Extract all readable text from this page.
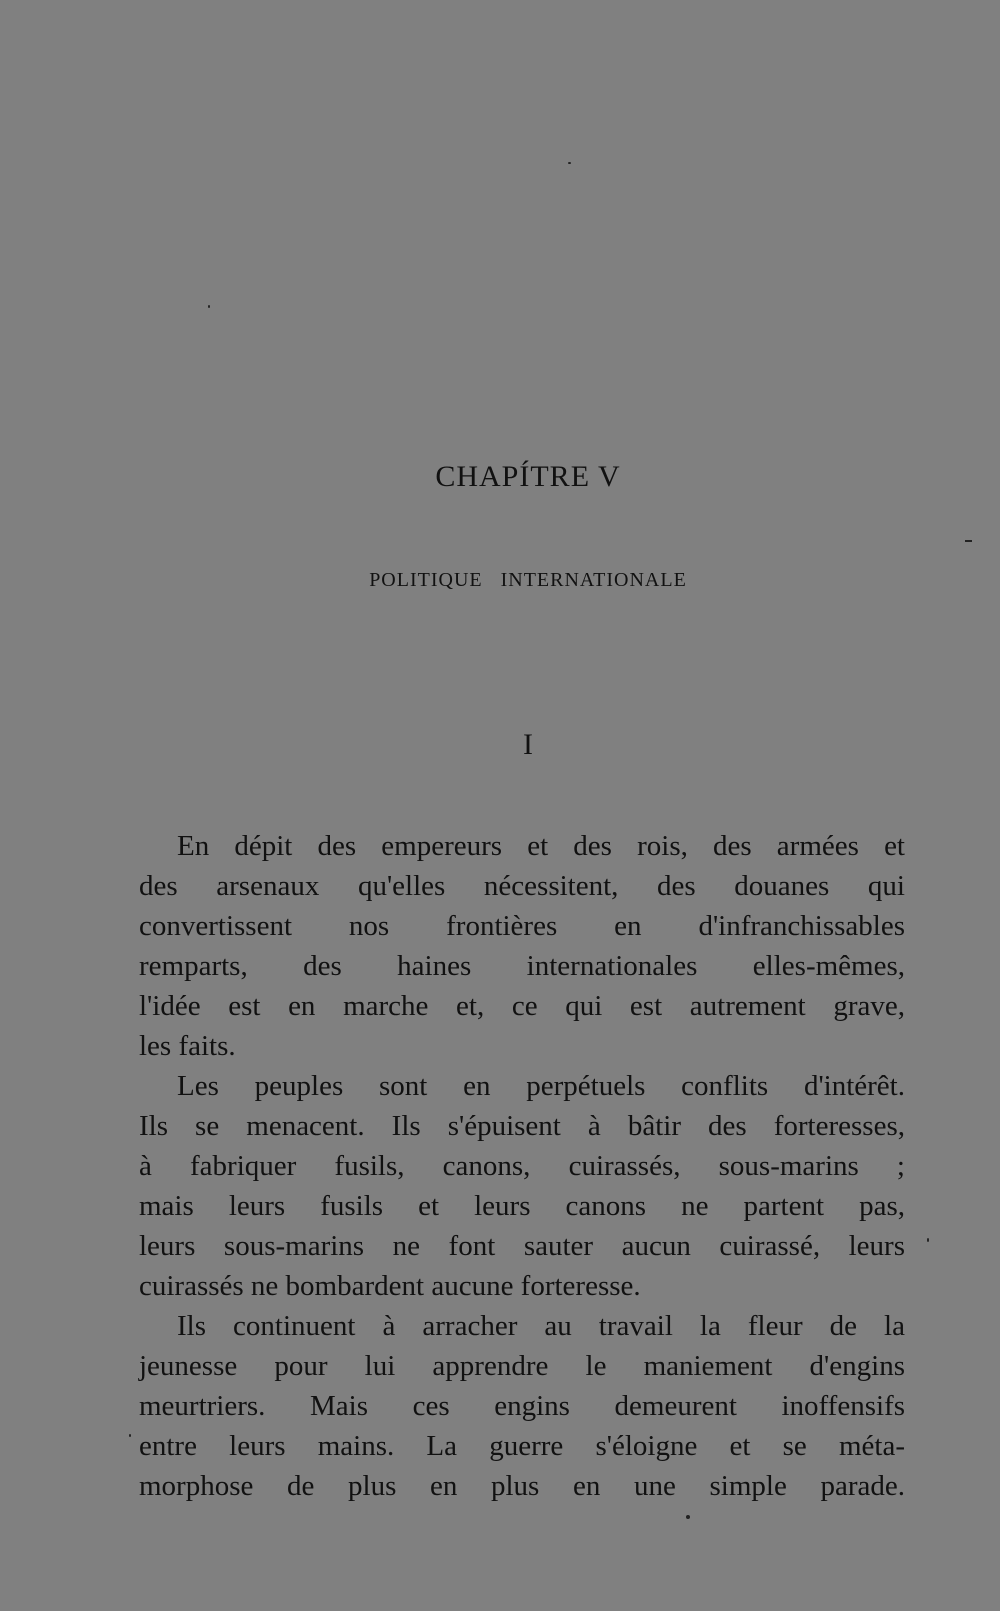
CHAPÍTRE V
POLITIQUE INTERNATIONALE
I
En dépit des empereurs et des rois, des armées et
des arsenaux qu'elles nécessitent, des douanes qui
convertissent nos frontières en d'infranchissables
remparts, des haines internationales elles-mêmes,
l'idée est en marche et, ce qui est autrement grave,
les faits.
Les peuples sont en perpétuels conflits d'intérêt.
Ils se menacent. Ils s'épuisent à bâtir des forteresses,
à fabriquer fusils, canons, cuirassés, sous-marins ;
mais leurs fusils et leurs canons ne partent pas,
leurs sous-marins ne font sauter aucun cuirassé, leurs
cuirassés ne bombardent aucune forteresse.
Ils continuent à arracher au travail la fleur de la
jeunesse pour lui apprendre le maniement d'engins
meurtriers. Mais ces engins demeurent inoffensifs
entre leurs mains. La guerre s'éloigne et se méta-
morphose de plus en plus en une simple parade.
